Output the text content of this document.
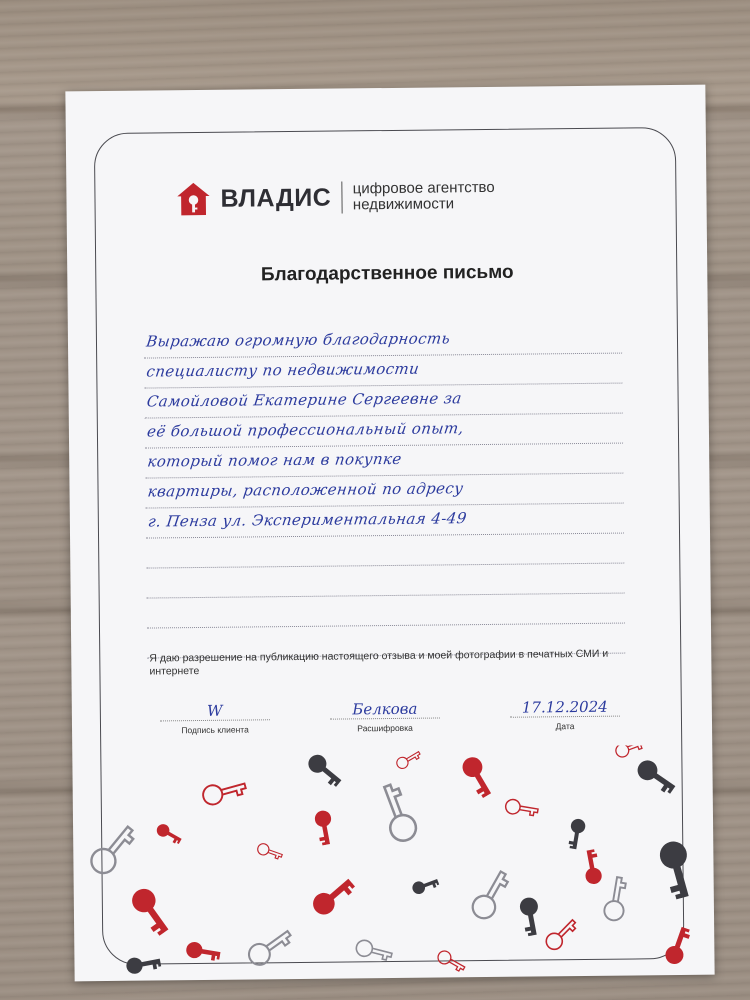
ВЛАДИС цифровое агентство недвижимости
Благодарственное письмо
Выражаю огромную благодарность
специалисту по недвижимости
Самойловой Екатерине Сергеевне за
её большой профессиональный опыт,
который помог нам в покупке
квартиры, расположенной по адресу
г. Пенза ул. Экспериментальная 4-49
Я даю разрешение на публикацию настоящего отзыва и моей фотографии в печатных СМИ и интернете
W
Подпись клиента
Белкова
Расшифровка
17.12.2024
Дата
